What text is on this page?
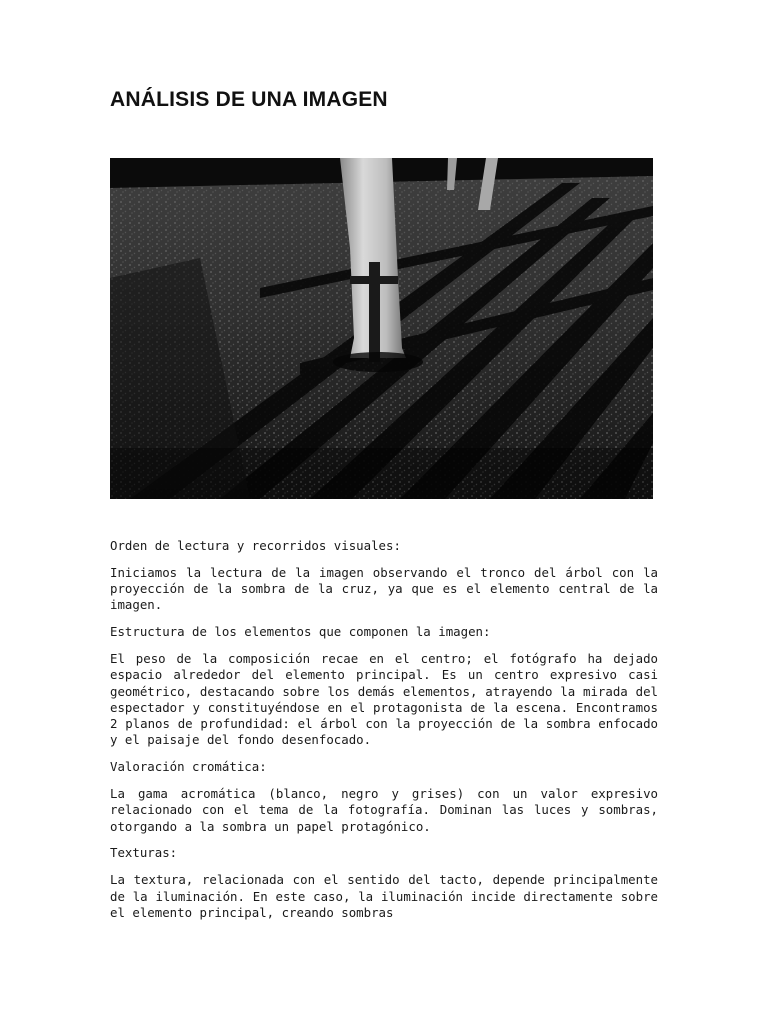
ANÁLISIS DE UNA IMAGEN

Orden de lectura y recorridos visuales:

Iniciamos la lectura de la imagen observando el tronco del árbol con la proyección de la sombra de la cruz, ya que es el elemento central de la imagen.

Estructura de los elementos que componen la imagen:

El peso de la composición recae en el centro; el fotógrafo ha dejado espacio alrededor del elemento principal. Es un centro expresivo casi geométrico, destacando sobre los demás elementos, atrayendo la mirada del espectador y constituyéndose en el protagonista de la escena. Encontramos 2 planos de profundidad: el árbol con la proyección de la sombra enfocado y el paisaje del fondo desenfocado.

Valoración cromática:

La gama acromática (blanco, negro y grises) con un valor expresivo relacionado con el tema de la fotografía. Dominan las luces y sombras, otorgando a la sombra un papel protagónico.

Texturas:

La textura, relacionada con el sentido del tacto, depende principalmente de la iluminación. En este caso, la iluminación incide directamente sobre el elemento principal, creando sombras
